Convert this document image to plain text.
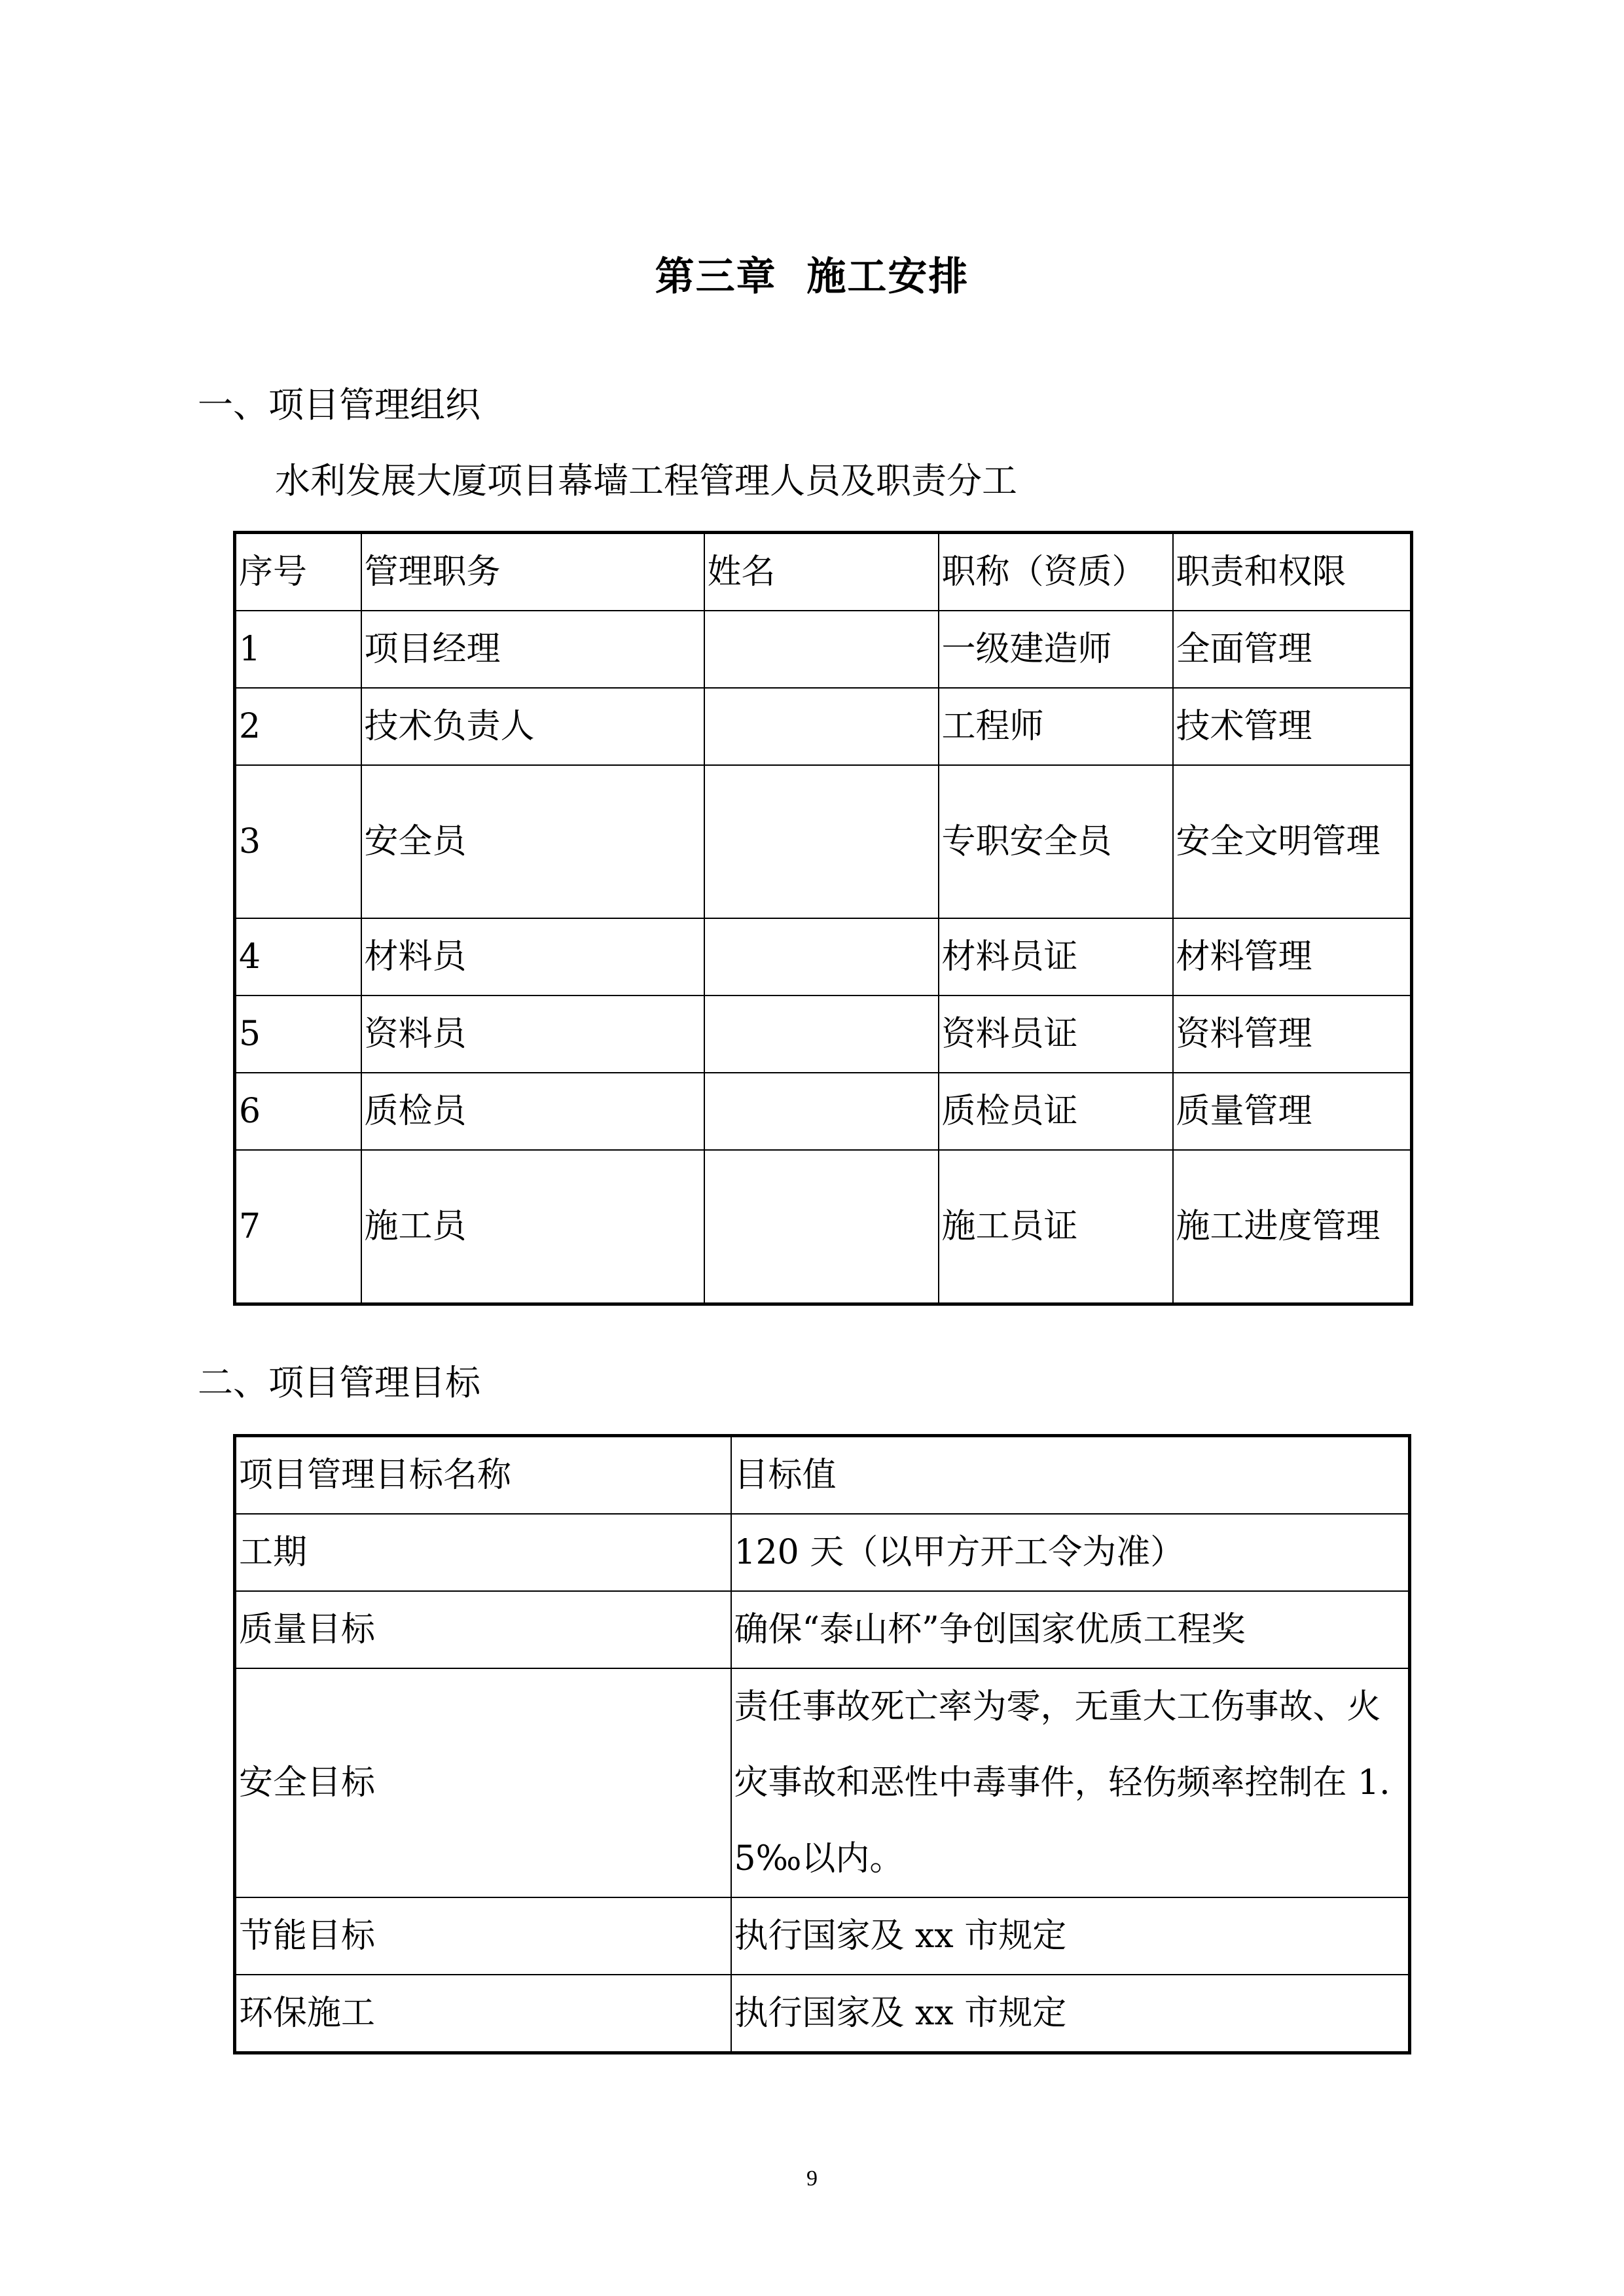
第三章  施工安排
一、项目管理组织
水利发展大厦项目幕墙工程管理人员及职责分工
序号	管理职务	姓名	职称（资质）	职责和权限
1	项目经理		一级建造师	全面管理
2	技术负责人		工程师	技术管理
3	安全员		专职安全员	安全文明管理
4	材料员		材料员证	材料管理
5	资料员		资料员证	资料管理
6	质检员		质检员证	质量管理
7	施工员		施工员证	施工进度管理
二、项目管理目标
项目管理目标名称	目标值
工期	120 天（以甲方开工令为准）
质量目标	确保“泰山杯”争创国家优质工程奖
安全目标	责任事故死亡率为零，无重大工伤事故、火灾事故和恶性中毒事件，轻伤频率控制在 1.5‰以内。
节能目标	执行国家及 xx 市规定
环保施工	执行国家及 xx 市规定
9
